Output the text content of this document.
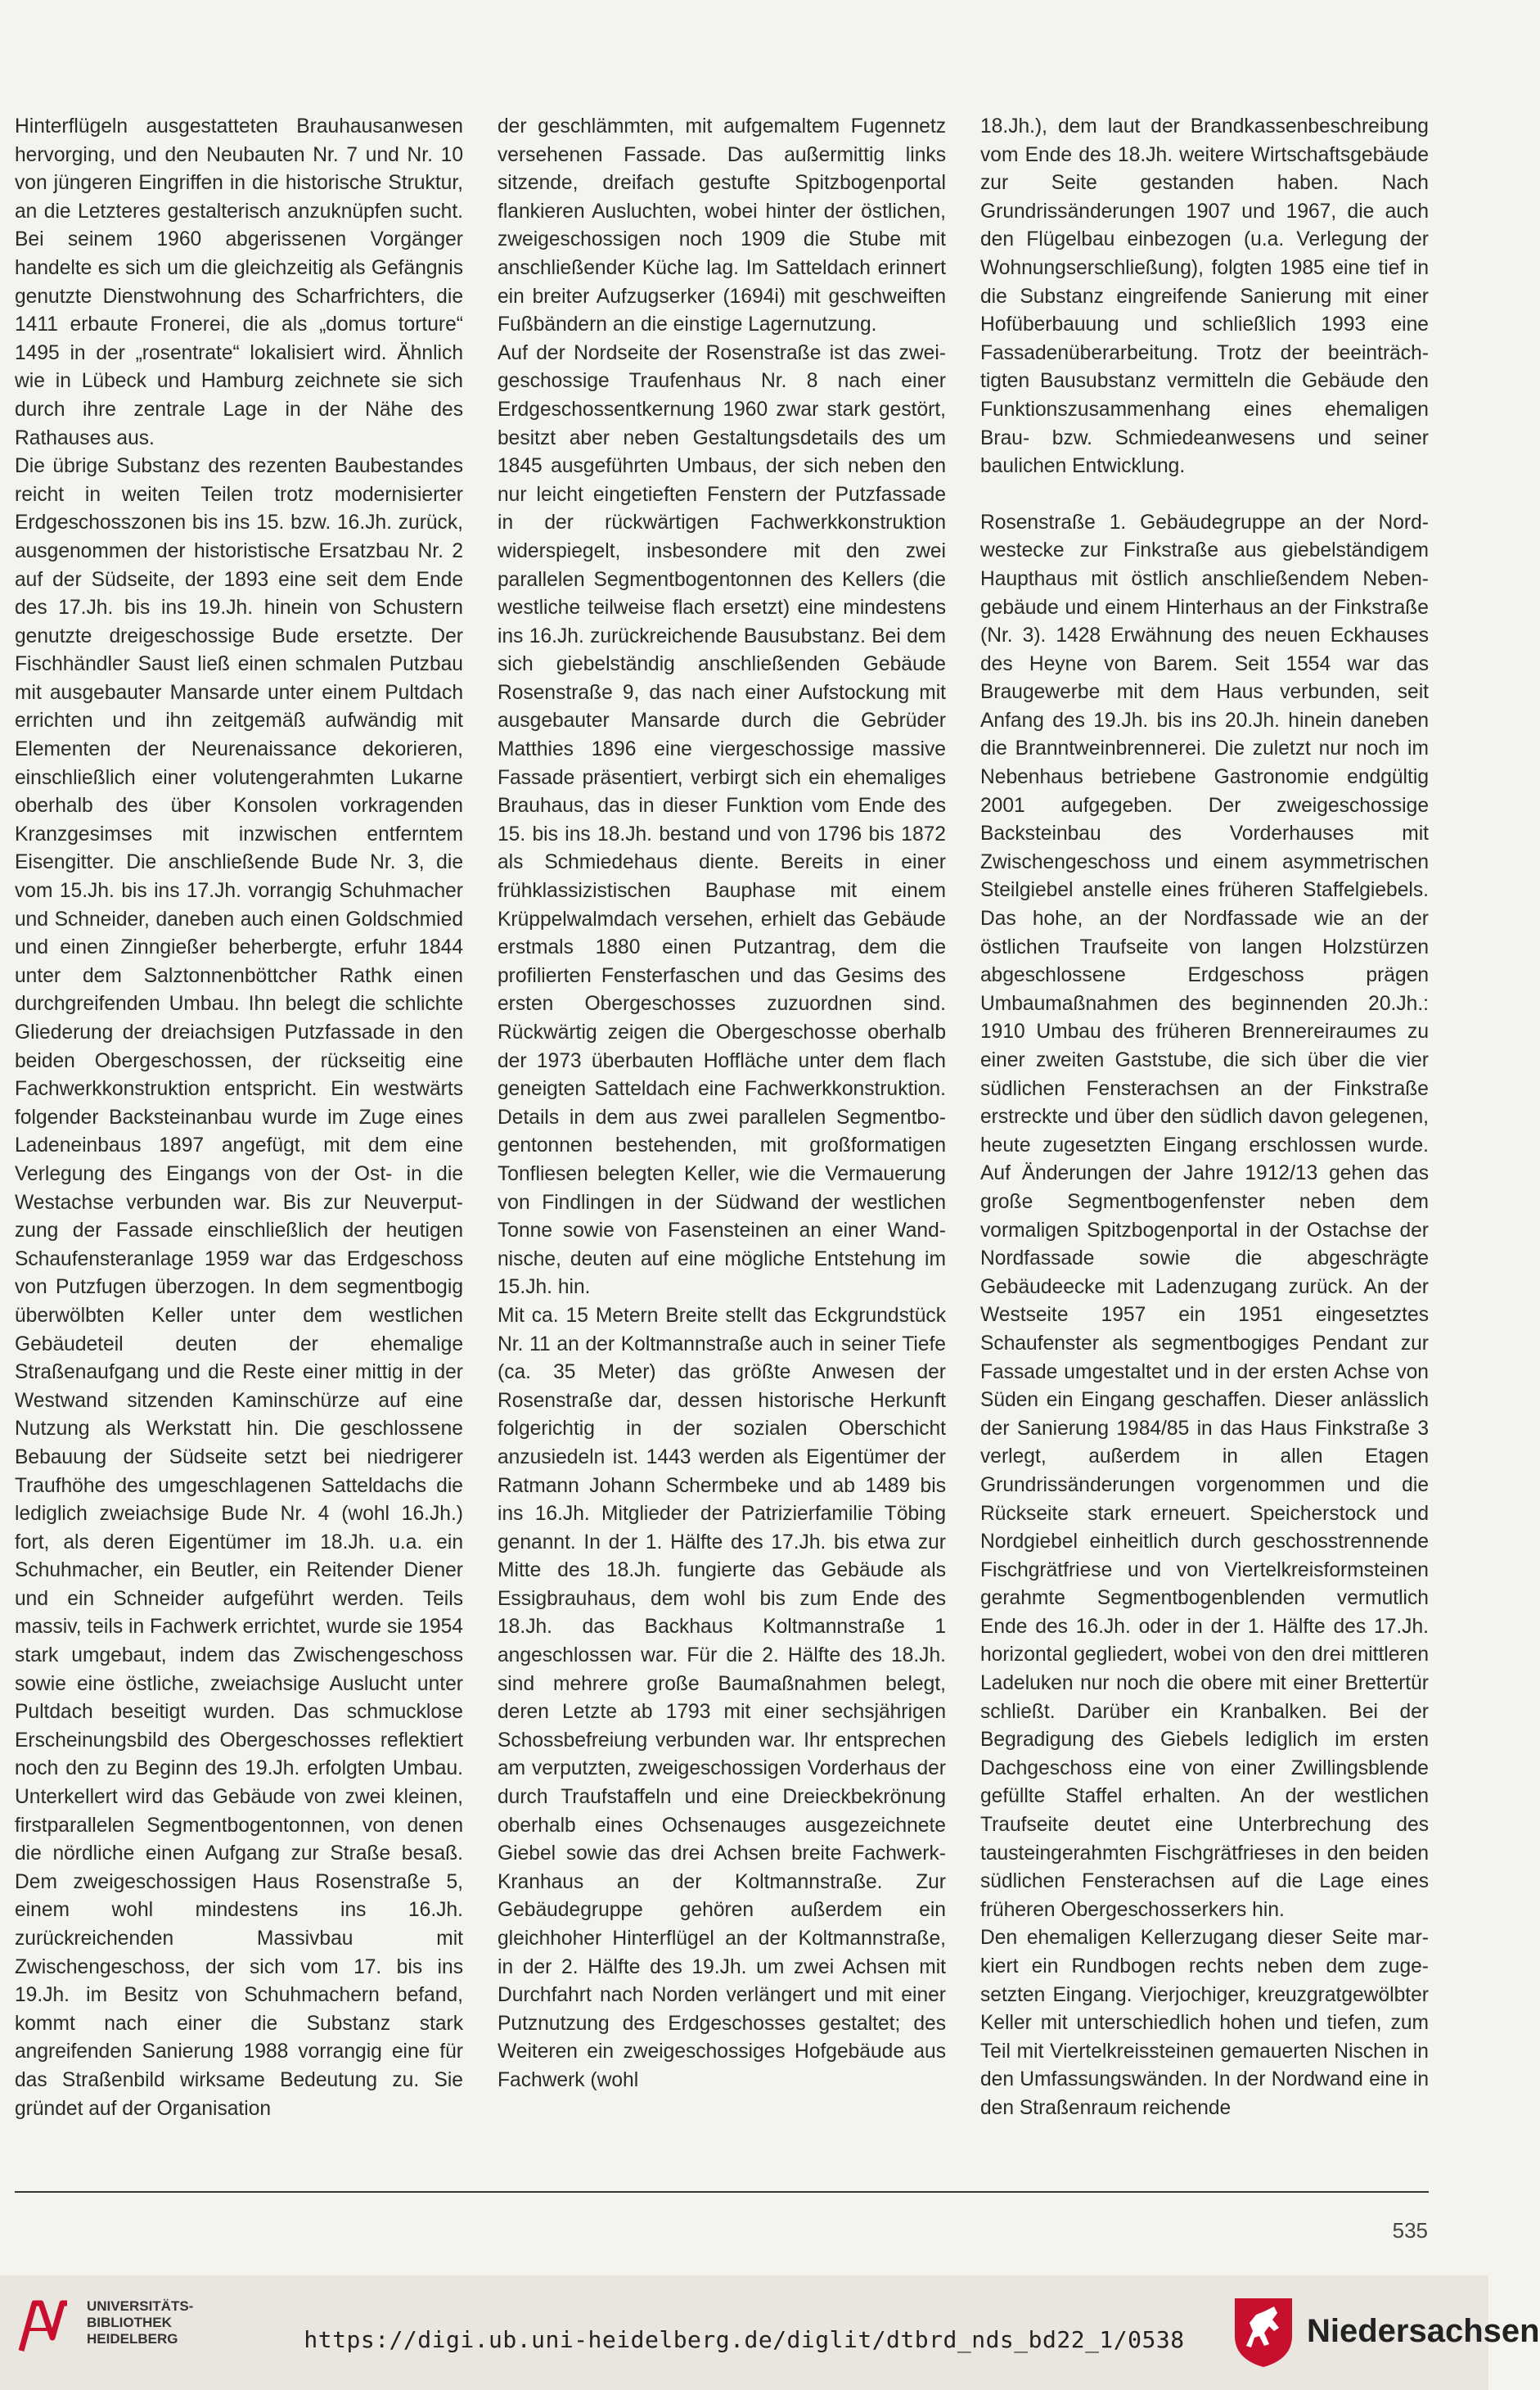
Hinterflügeln ausgestatteten Brauhausanwesen hervorging, und den Neubauten Nr. 7 und Nr. 10 von jüngeren Eingriffen in die historische Struktur, an die Letzteres gestalterisch anzuknüpfen sucht. Bei seinem 1960 abgerissenen Vorgänger handelte es sich um die gleichzeitig als Gefängnis genutzte Dienstwohnung des Scharfrichters, die 1411 erbaute Fronerei, die als „domus torture“ 1495 in der „rosentrate“ lokalisiert wird. Ähnlich wie in Lübeck und Hamburg zeichnete sie sich durch ihre zentrale Lage in der Nähe des Rathauses aus.

Die übrige Substanz des rezenten Baubestandes reicht in weiten Teilen trotz modernisierter Erdgeschosszonen bis ins 15. bzw. 16.Jh. zurück, ausgenommen der historistische Ersatzbau Nr. 2 auf der Südseite, der 1893 eine seit dem Ende des 17.Jh. bis ins 19.Jh. hinein von Schustern genutzte dreigeschossige Bude ersetzte. Der Fischhändler Saust ließ einen schmalen Putzbau mit ausgebauter Mansarde unter einem Pultdach errichten und ihn zeitgemäß aufwändig mit Elementen der Neurenaissance dekorieren, einschließlich einer volutengerahmten Lukarne oberhalb des über Konsolen vorkragenden Kranzgesimses mit inzwischen entferntem Eisengitter. Die anschließende Bude Nr. 3, die vom 15.Jh. bis ins 17.Jh. vorrangig Schuhmacher und Schneider, daneben auch einen Goldschmied und einen Zinngießer beherbergte, erfuhr 1844 unter dem Salztonnenböttcher Rathk einen durchgreifenden Umbau. Ihn belegt die schlichte Gliederung der dreiachsigen Putzfassade in den beiden Obergeschossen, der rückseitig eine Fachwerkkonstruktion entspricht. Ein westwärts folgender Backsteinanbau wurde im Zuge eines Ladeneinbaus 1897 angefügt, mit dem eine Verlegung des Eingangs von der Ost- in die Westachse verbunden war. Bis zur Neuverputzung der Fassade einschließlich der heutigen Schaufensteranlage 1959 war das Erdgeschoss von Putzfugen überzogen. In dem segmentbogig überwölbten Keller unter dem westlichen Gebäudeteil deuten der ehemalige Straßenaufgang und die Reste einer mittig in der Westwand sitzenden Kaminschürze auf eine Nutzung als Werkstatt hin. Die geschlossene Bebauung der Südseite setzt bei niedrigerer Traufhöhe des umgeschlagenen Satteldachs die lediglich zweiachsige Bude Nr. 4 (wohl 16.Jh.) fort, als deren Eigentümer im 18.Jh. u.a. ein Schuhmacher, ein Beutler, ein Reitender Diener und ein Schneider aufgeführt werden. Teils massiv, teils in Fachwerk errichtet, wurde sie 1954 stark umgebaut, indem das Zwischengeschoss sowie eine östliche, zweiachsige Auslucht unter Pultdach beseitigt wurden. Das schmucklose Erscheinungsbild des Obergeschosses reflektiert noch den zu Beginn des 19.Jh. erfolgten Umbau. Unterkellert wird das Gebäude von zwei kleinen, firstparallelen Segmentbogentonnen, von denen die nördliche einen Aufgang zur Straße besaß. Dem zweigeschossigen Haus Rosenstraße 5, einem wohl mindestens ins 16.Jh. zurückreichenden Massivbau mit Zwischengeschoss, der sich vom 17. bis ins 19.Jh. im Besitz von Schuhmachern befand, kommt nach einer die Substanz stark angreifenden Sanierung 1988 vorrangig eine für das Straßenbild wirksame Bedeutung zu. Sie gründet auf der Organisation

der geschlämmten, mit aufgemaltem Fugennetz versehenen Fassade. Das außermittig links sitzende, dreifach gestufte Spitzbogenportal flankieren Ausluchten, wobei hinter der östlichen, zweigeschossigen noch 1909 die Stube mit anschließender Küche lag. Im Satteldach erinnert ein breiter Aufzugserker (1694i) mit geschweiften Fußbändern an die einstige Lagernutzung.

Auf der Nordseite der Rosenstraße ist das zweigeschossige Traufenhaus Nr. 8 nach einer Erdgeschossentkernung 1960 zwar stark gestört, besitzt aber neben Gestaltungsdetails des um 1845 ausgeführten Umbaus, der sich neben den nur leicht eingetieften Fenstern der Putzfassade in der rückwärtigen Fachwerkkonstruktion widerspiegelt, insbesondere mit den zwei parallelen Segmentbogentonnen des Kellers (die westliche teilweise flach ersetzt) eine mindestens ins 16.Jh. zurückreichende Bausubstanz. Bei dem sich giebelständig anschließenden Gebäude Rosenstraße 9, das nach einer Aufstockung mit ausgebauter Mansarde durch die Gebrüder Matthies 1896 eine viergeschossige massive Fassade präsentiert, verbirgt sich ein ehemaliges Brauhaus, das in dieser Funktion vom Ende des 15. bis ins 18.Jh. bestand und von 1796 bis 1872 als Schmiedehaus diente. Bereits in einer frühklassizistischen Bauphase mit einem Krüppelwalmdach versehen, erhielt das Gebäude erstmals 1880 einen Putzantrag, dem die profilierten Fensterfaschen und das Gesims des ersten Obergeschosses zuzuordnen sind. Rückwärtig zeigen die Obergeschosse oberhalb der 1973 überbauten Hoffläche unter dem flach geneigten Satteldach eine Fachwerkkonstruktion. Details in dem aus zwei parallelen Segmentbogentonnen bestehenden, mit großformatigen Tonfliesen belegten Keller, wie die Vermauerung von Findlingen in der Südwand der westlichen Tonne sowie von Fasensteinen an einer Wandnische, deuten auf eine mögliche Entstehung im 15.Jh. hin.

Mit ca. 15 Metern Breite stellt das Eckgrundstück Nr. 11 an der Koltmannstraße auch in seiner Tiefe (ca. 35 Meter) das größte Anwesen der Rosenstraße dar, dessen historische Herkunft folgerichtig in der sozialen Oberschicht anzusiedeln ist. 1443 werden als Eigentümer der Ratmann Johann Schermbeke und ab 1489 bis ins 16.Jh. Mitglieder der Patrizierfamilie Töbing genannt. In der 1. Hälfte des 17.Jh. bis etwa zur Mitte des 18.Jh. fungierte das Gebäude als Essigbrauhaus, dem wohl bis zum Ende des 18.Jh. das Backhaus Koltmannstraße 1 angeschlossen war. Für die 2. Hälfte des 18.Jh. sind mehrere große Baumaßnahmen belegt, deren Letzte ab 1793 mit einer sechsjährigen Schossbefreiung verbunden war. Ihr entsprechen am verputzten, zweigeschossigen Vorderhaus der durch Traufstaffeln und eine Dreieckbekrönung oberhalb eines Ochsenauges ausgezeichnete Giebel sowie das drei Achsen breite Fachwerk-Kranhaus an der Koltmannstraße. Zur Gebäudegruppe gehören außerdem ein gleichhoher Hinterflügel an der Koltmannstraße, in der 2. Hälfte des 19.Jh. um zwei Achsen mit Durchfahrt nach Norden verlängert und mit einer Putznutzung des Erdgeschosses gestaltet; des Weiteren ein zweigeschossiges Hofgebäude aus Fachwerk (wohl

18.Jh.), dem laut der Brandkassenbeschreibung vom Ende des 18.Jh. weitere Wirtschaftsgebäude zur Seite gestanden haben. Nach Grundrissänderungen 1907 und 1967, die auch den Flügelbau einbezogen (u.a. Verlegung der Wohnungserschließung), folgten 1985 eine tief in die Substanz eingreifende Sanierung mit einer Hofüberbauung und schließlich 1993 eine Fassadenüberarbeitung. Trotz der beeinträchtigten Bausubstanz vermitteln die Gebäude den Funktionszusammenhang eines ehemaligen Brau- bzw. Schmiedeanwesens und seiner baulichen Entwicklung.

Rosenstraße 1. Gebäudegruppe an der Nordwestecke zur Finkstraße aus giebelständigem Haupthaus mit östlich anschließendem Nebengebäude und einem Hinterhaus an der Finkstraße (Nr. 3). 1428 Erwähnung des neuen Eckhauses des Heyne von Barem. Seit 1554 war das Braugewerbe mit dem Haus verbunden, seit Anfang des 19.Jh. bis ins 20.Jh. hinein daneben die Branntweinbrennerei. Die zuletzt nur noch im Nebenhaus betriebene Gastronomie endgültig 2001 aufgegeben. Der zweigeschossige Backsteinbau des Vorderhauses mit Zwischengeschoss und einem asymmetrischen Steilgiebel anstelle eines früheren Staffelgiebels. Das hohe, an der Nordfassade wie an der östlichen Traufseite von langen Holzstürzen abgeschlossene Erdgeschoss prägen Umbaumaßnahmen des beginnenden 20.Jh.: 1910 Umbau des früheren Brennereiraumes zu einer zweiten Gaststube, die sich über die vier südlichen Fensterachsen an der Finkstraße erstreckte und über den südlich davon gelegenen, heute zugesetzten Eingang erschlossen wurde. Auf Änderungen der Jahre 1912/13 gehen das große Segmentbogenfenster neben dem vormaligen Spitzbogenportal in der Ostachse der Nordfassade sowie die abgeschrägte Gebäudeecke mit Ladenzugang zurück. An der Westseite 1957 ein 1951 eingesetztes Schaufenster als segmentbogiges Pendant zur Fassade umgestaltet und in der ersten Achse von Süden ein Eingang geschaffen. Dieser anlässlich der Sanierung 1984/85 in das Haus Finkstraße 3 verlegt, außerdem in allen Etagen Grundrissänderungen vorgenommen und die Rückseite stark erneuert. Speicherstock und Nordgiebel einheitlich durch geschosstrennende Fischgrätfriese und von Viertelkreisformsteinen gerahmte Segmentbogenblenden vermutlich Ende des 16.Jh. oder in der 1. Hälfte des 17.Jh. horizontal gegliedert, wobei von den drei mittleren Ladeluken nur noch die obere mit einer Brettertür schließt. Darüber ein Kranbalken. Bei der Begradigung des Giebels lediglich im ersten Dachgeschoss eine von einer Zwillingsblende gefüllte Staffel erhalten. An der westlichen Traufseite deutet eine Unterbrechung des tausteingerahmten Fischgrätfrieses in den beiden südlichen Fensterachsen auf die Lage eines früheren Obergeschosserkers hin.

Den ehemaligen Kellerzugang dieser Seite markiert ein Rundbogen rechts neben dem zugesetzten Eingang. Vierjochiger, kreuzgratgewölbter Keller mit unterschiedlich hohen und tiefen, zum Teil mit Viertelkreissteinen gemauerten Nischen in den Umfassungswänden. In der Nordwand eine in den Straßenraum reichende

535
UNIVERSITÄTS-
BIBLIOTHEK
HEIDELBERG	https://digi.ub.uni-heidelberg.de/diglit/dtbrd_nds_bd22_1/0538	Niedersachsen
